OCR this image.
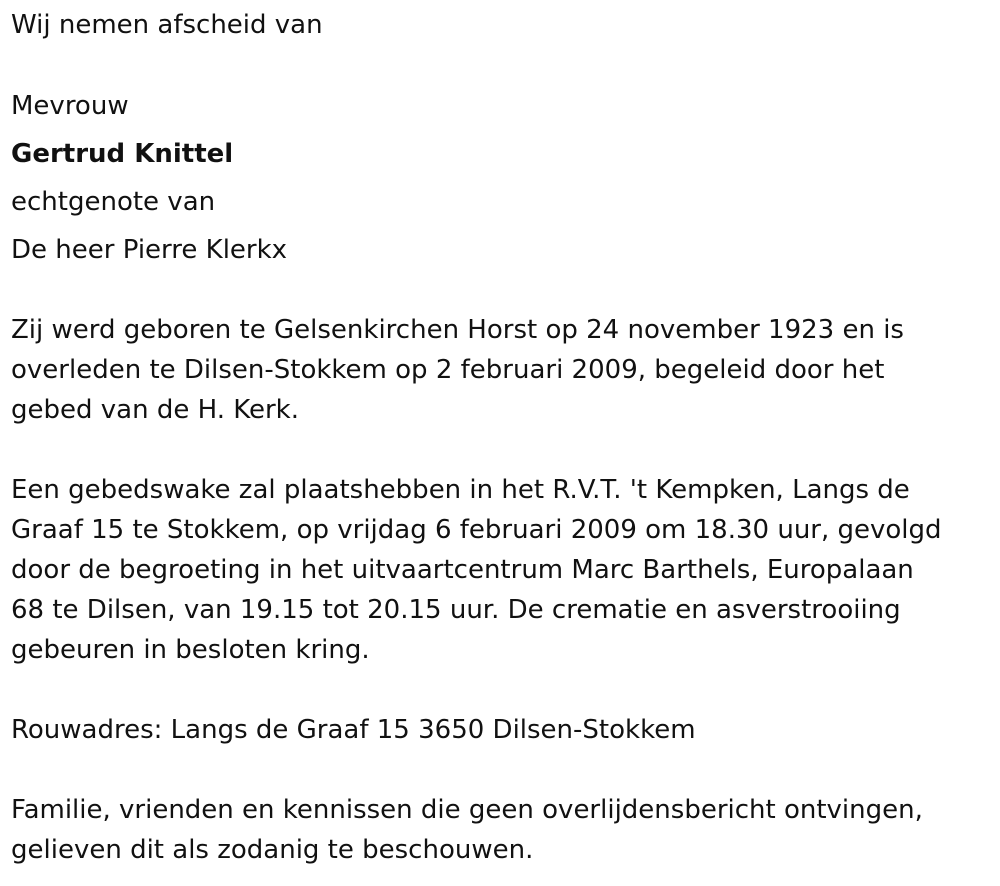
Wij nemen afscheid van
Mevrouw
Gertrud Knittel
echtgenote van
De heer Pierre Klerkx
Zij werd geboren te Gelsenkirchen Horst op 24 november 1923 en is
overleden te Dilsen-Stokkem op 2 februari 2009, begeleid door het
gebed van de H. Kerk.
Een gebedswake zal plaatshebben in het R.V.T. 't Kempken, Langs de
Graaf 15 te Stokkem, op vrijdag 6 februari 2009 om 18.30 uur, gevolgd
door de begroeting in het uitvaartcentrum Marc Barthels, Europalaan
68 te Dilsen, van 19.15 tot 20.15 uur. De crematie en asverstrooiing
gebeuren in besloten kring.
Rouwadres: Langs de Graaf 15 3650 Dilsen-Stokkem
Familie, vrienden en kennissen die geen overlijdensbericht ontvingen,
gelieven dit als zodanig te beschouwen.
